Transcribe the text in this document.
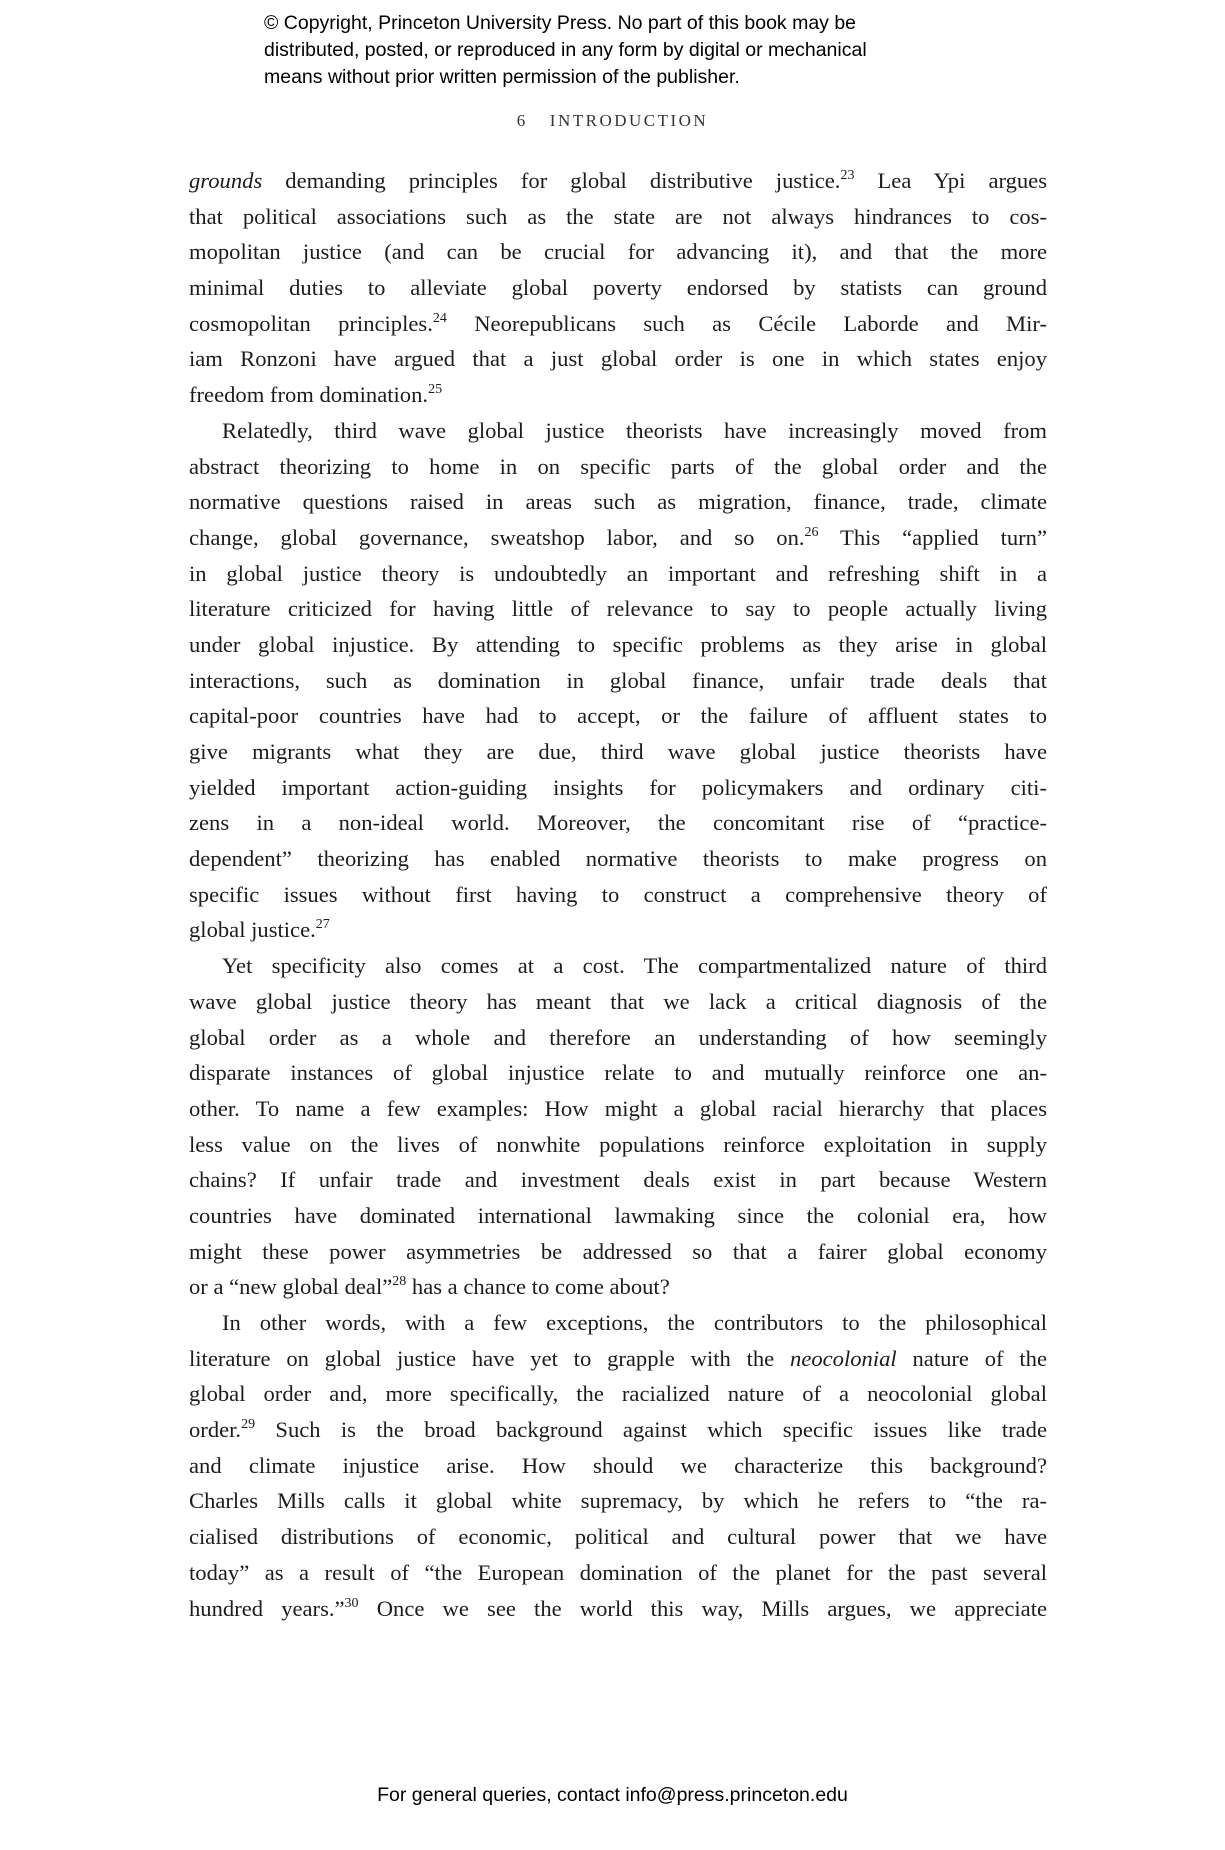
© Copyright, Princeton University Press. No part of this book may be
distributed, posted, or reproduced in any form by digital or mechanical
means without prior written permission of the publisher.
6 INTRODUCTION
grounds demanding principles for global distributive justice.$^{23}$ Lea Ypi argues
that political associations such as the state are not always hindrances to cos-
mopolitan justice (and can be crucial for advancing it), and that the more
minimal duties to alleviate global poverty endorsed by statists can ground
cosmopolitan principles.$^{24}$ Neorepublicans such as Cécile Laborde and Mir-
iam Ronzoni have argued that a just global order is one in which states enjoy
freedom from domination.$^{25}$
Relatedly, third wave global justice theorists have increasingly moved from
abstract theorizing to home in on specific parts of the global order and the
normative questions raised in areas such as migration, finance, trade, climate
change, global governance, sweatshop labor, and so on.$^{26}$ This “applied turn”
in global justice theory is undoubtedly an important and refreshing shift in a
literature criticized for having little of relevance to say to people actually living
under global injustice. By attending to specific problems as they arise in global
interactions, such as domination in global finance, unfair trade deals that
capital-poor countries have had to accept, or the failure of affluent states to
give migrants what they are due, third wave global justice theorists have
yielded important action-guiding insights for policymakers and ordinary citi-
zens in a non-ideal world. Moreover, the concomitant rise of “practice-
dependent” theorizing has enabled normative theorists to make progress on
specific issues without first having to construct a comprehensive theory of
global justice.$^{27}$
Yet specificity also comes at a cost. The compartmentalized nature of third
wave global justice theory has meant that we lack a critical diagnosis of the
global order as a whole and therefore an understanding of how seemingly
disparate instances of global injustice relate to and mutually reinforce one an-
other. To name a few examples: How might a global racial hierarchy that places
less value on the lives of nonwhite populations reinforce exploitation in supply
chains? If unfair trade and investment deals exist in part because Western
countries have dominated international lawmaking since the colonial era, how
might these power asymmetries be addressed so that a fairer global economy
or a “new global deal”$^{28}$ has a chance to come about?
In other words, with a few exceptions, the contributors to the philosophical
literature on global justice have yet to grapple with the neocolonial nature of the
global order and, more specifically, the racialized nature of a neocolonial global
order.$^{29}$ Such is the broad background against which specific issues like trade
and climate injustice arise. How should we characterize this background?
Charles Mills calls it global white supremacy, by which he refers to “the ra-
cialised distributions of economic, political and cultural power that we have
today” as a result of “the European domination of the planet for the past several
hundred years.”$^{30}$ Once we see the world this way, Mills argues, we appreciate
For general queries, contact info@press.princeton.edu
